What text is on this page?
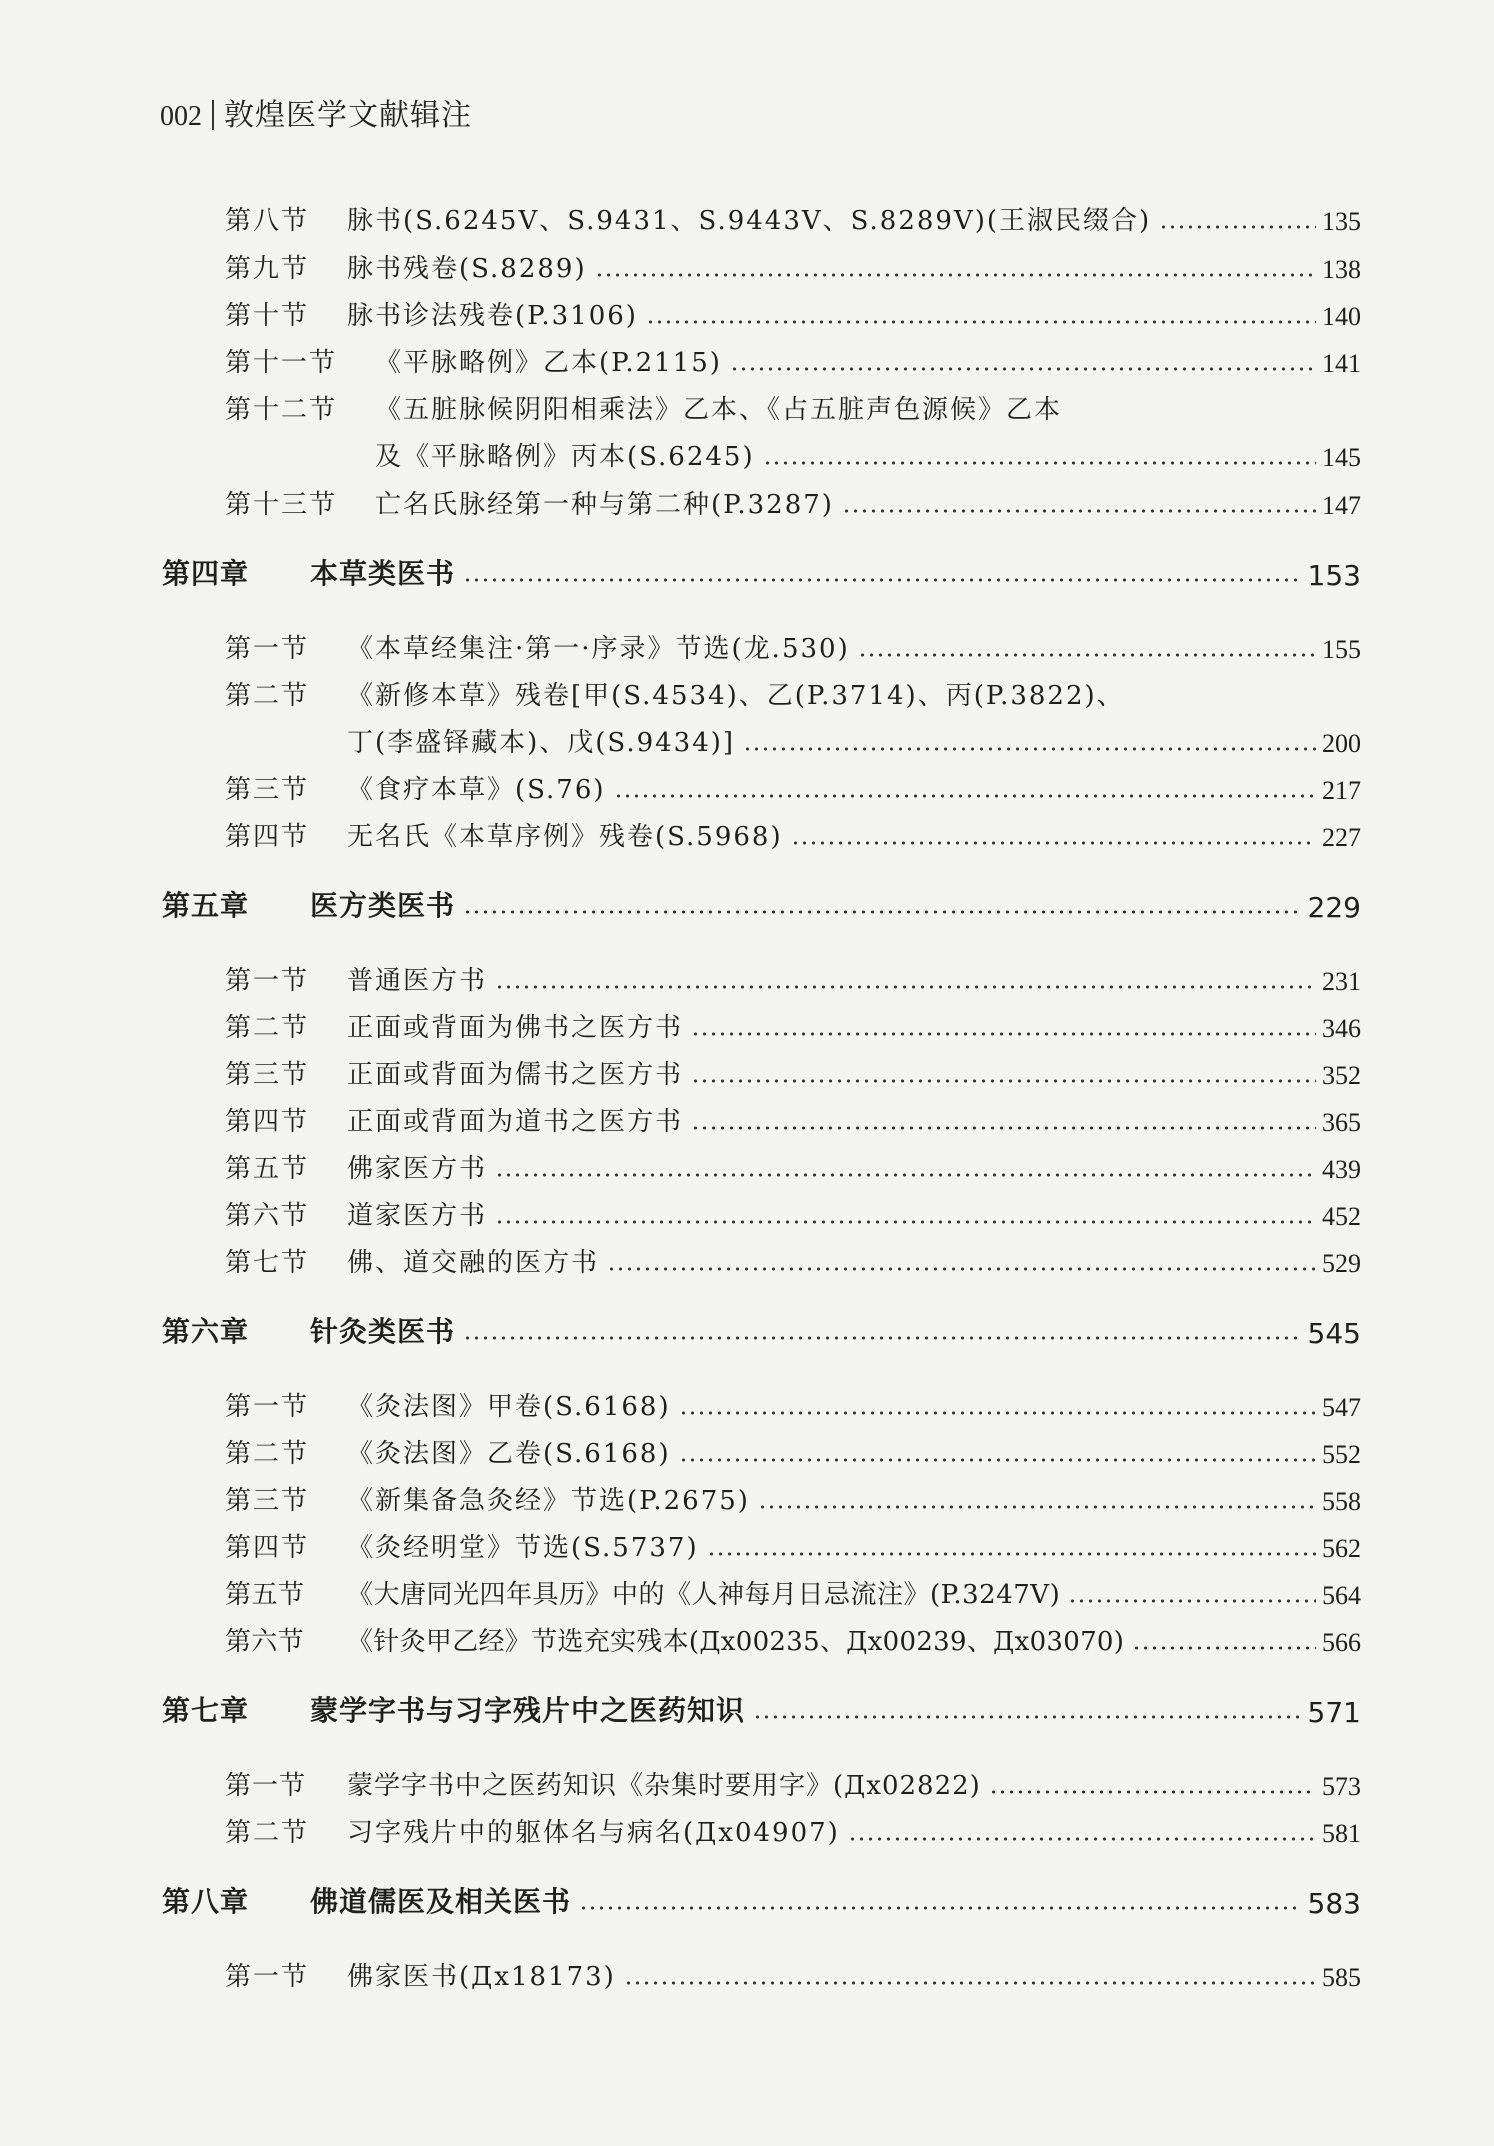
002 敦煌医学文献辑注
第八节	脉书(S.6245V、S.9431、S.9443V、S.8289V)(王淑民缀合)	135
第九节	脉书残卷(S.8289)	138
第十节	脉书诊法残卷(P.3106)	140
第十一节	《平脉略例》乙本(P.2115)	141
第十二节	《五脏脉候阴阳相乘法》乙本、《占五脏声色源候》乙本
及《平脉略例》丙本(S.6245)	145
第十三节	亡名氏脉经第一种与第二种(P.3287)	147
第四章	本草类医书	153
第一节	《本草经集注·第一·序录》节选(龙.530)	155
第二节	《新修本草》残卷[甲(S.4534)、乙(P.3714)、丙(P.3822)、
丁(李盛铎藏本)、戊(S.9434)]	200
第三节	《食疗本草》(S.76)	217
第四节	无名氏《本草序例》残卷(S.5968)	227
第五章	医方类医书	229
第一节	普通医方书	231
第二节	正面或背面为佛书之医方书	346
第三节	正面或背面为儒书之医方书	352
第四节	正面或背面为道书之医方书	365
第五节	佛家医方书	439
第六节	道家医方书	452
第七节	佛、道交融的医方书	529
第六章	针灸类医书	545
第一节	《灸法图》甲卷(S.6168)	547
第二节	《灸法图》乙卷(S.6168)	552
第三节	《新集备急灸经》节选(P.2675)	558
第四节	《灸经明堂》节选(S.5737)	562
第五节	《大唐同光四年具历》中的《人神每月日忌流注》(P.3247V)	564
第六节	《针灸甲乙经》节选充实残本(Дx00235、Дx00239、Дx03070)	566
第七章	蒙学字书与习字残片中之医药知识	571
第一节	蒙学字书中之医药知识《杂集时要用字》(Дx02822)	573
第二节	习字残片中的躯体名与病名(Дx04907)	581
第八章	佛道儒医及相关医书	583
第一节	佛家医书(Дx18173)	585
